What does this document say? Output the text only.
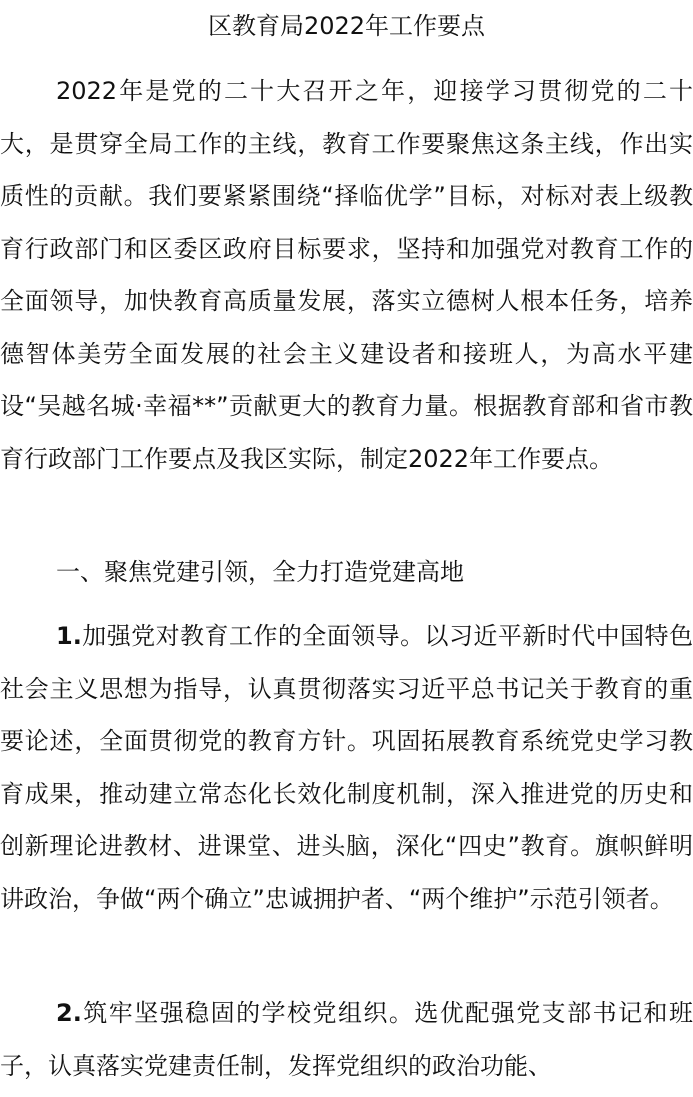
区教育局2022年工作要点

2022年是党的二十大召开之年，迎接学习贯彻党的二十大，是贯穿全局工作的主线，教育工作要聚焦这条主线，作出实质性的贡献。我们要紧紧围绕“择临优学”目标，对标对表上级教育行政部门和区委区政府目标要求，坚持和加强党对教育工作的全面领导，加快教育高质量发展，落实立德树人根本任务，培养德智体美劳全面发展的社会主义建设者和接班人，为高水平建设“吴越名城·幸福**”贡献更大的教育力量。根据教育部和省市教育行政部门工作要点及我区实际，制定2022年工作要点。

一、聚焦党建引领，全力打造党建高地

1.加强党对教育工作的全面领导。以习近平新时代中国特色社会主义思想为指导，认真贯彻落实习近平总书记关于教育的重要论述，全面贯彻党的教育方针。巩固拓展教育系统党史学习教育成果，推动建立常态化长效化制度机制，深入推进党的历史和创新理论进教材、进课堂、进头脑，深化“四史”教育。旗帜鲜明讲政治，争做“两个确立”忠诚拥护者、“两个维护”示范引领者。

2.筑牢坚强稳固的学校党组织。选优配强党支部书记和班子，认真落实党建责任制，发挥党组织的政治功能、
